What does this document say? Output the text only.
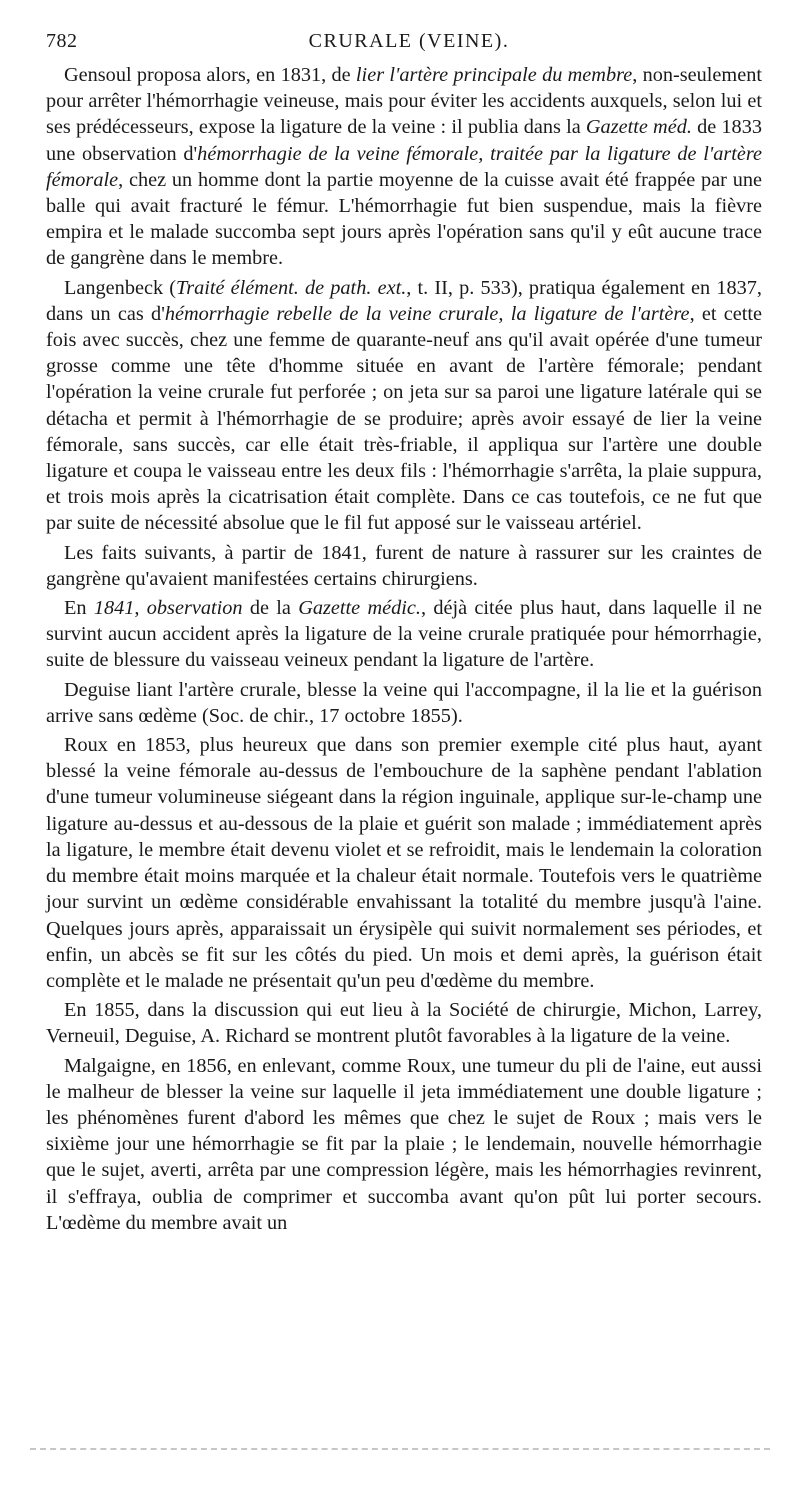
782	CRURALE (VEINE).

Gensoul proposa alors, en 1831, de lier l'artère principale du membre, non-seulement pour arrêter l'hémorrhagie veineuse, mais pour éviter les accidents auxquels, selon lui et ses prédécesseurs, expose la ligature de la veine : il publia dans la Gazette méd. de 1833 une observation d'hémorrhagie de la veine fémorale, traitée par la ligature de l'artère fémorale, chez un homme dont la partie moyenne de la cuisse avait été frappée par une balle qui avait fracturé le fémur. L'hémorrhagie fut bien suspendue, mais la fièvre empira et le malade succomba sept jours après l'opération sans qu'il y eût aucune trace de gangrène dans le membre.

Langenbeck (Traité élément. de path. ext., t. II, p. 533), pratiqua également en 1837, dans un cas d'hémorrhagie rebelle de la veine crurale, la ligature de l'artère, et cette fois avec succès, chez une femme de quarante-neuf ans qu'il avait opérée d'une tumeur grosse comme une tête d'homme située en avant de l'artère fémorale; pendant l'opération la veine crurale fut perforée ; on jeta sur sa paroi une ligature latérale qui se détacha et permit à l'hémorrhagie de se produire; après avoir essayé de lier la veine fémorale, sans succès, car elle était très-friable, il appliqua sur l'artère une double ligature et coupa le vaisseau entre les deux fils : l'hémorrhagie s'arrêta, la plaie suppura, et trois mois après la cicatrisation était complète. Dans ce cas toutefois, ce ne fut que par suite de nécessité absolue que le fil fut apposé sur le vaisseau artériel.

Les faits suivants, à partir de 1841, furent de nature à rassurer sur les craintes de gangrène qu'avaient manifestées certains chirurgiens.

En 1841, observation de la Gazette médic., déjà citée plus haut, dans laquelle il ne survint aucun accident après la ligature de la veine crurale pratiquée pour hémorrhagie, suite de blessure du vaisseau veineux pendant la ligature de l'artère.

Deguise liant l'artère crurale, blesse la veine qui l'accompagne, il la lie et la guérison arrive sans œdème (Soc. de chir., 17 octobre 1855).

Roux en 1853, plus heureux que dans son premier exemple cité plus haut, ayant blessé la veine fémorale au-dessus de l'embouchure de la saphène pendant l'ablation d'une tumeur volumineuse siégeant dans la région inguinale, applique sur-le-champ une ligature au-dessus et au-dessous de la plaie et guérit son malade ; immédiatement après la ligature, le membre était devenu violet et se refroidit, mais le lendemain la coloration du membre était moins marquée et la chaleur était normale. Toutefois vers le quatrième jour survint un œdème considérable envahissant la totalité du membre jusqu'à l'aine. Quelques jours après, apparaissait un érysipèle qui suivit normalement ses périodes, et enfin, un abcès se fit sur les côtés du pied. Un mois et demi après, la guérison était complète et le malade ne présentait qu'un peu d'œdème du membre.

En 1855, dans la discussion qui eut lieu à la Société de chirurgie, Michon, Larrey, Verneuil, Deguise, A. Richard se montrent plutôt favorables à la ligature de la veine.

Malgaigne, en 1856, en enlevant, comme Roux, une tumeur du pli de l'aine, eut aussi le malheur de blesser la veine sur laquelle il jeta immédiatement une double ligature ; les phénomènes furent d'abord les mêmes que chez le sujet de Roux ; mais vers le sixième jour une hémorrhagie se fit par la plaie ; le lendemain, nouvelle hémorrhagie que le sujet, averti, arrêta par une compression légère, mais les hémorrhagies revinrent, il s'effraya, oublia de comprimer et succomba avant qu'on pût lui porter secours. L'œdème du membre avait un
